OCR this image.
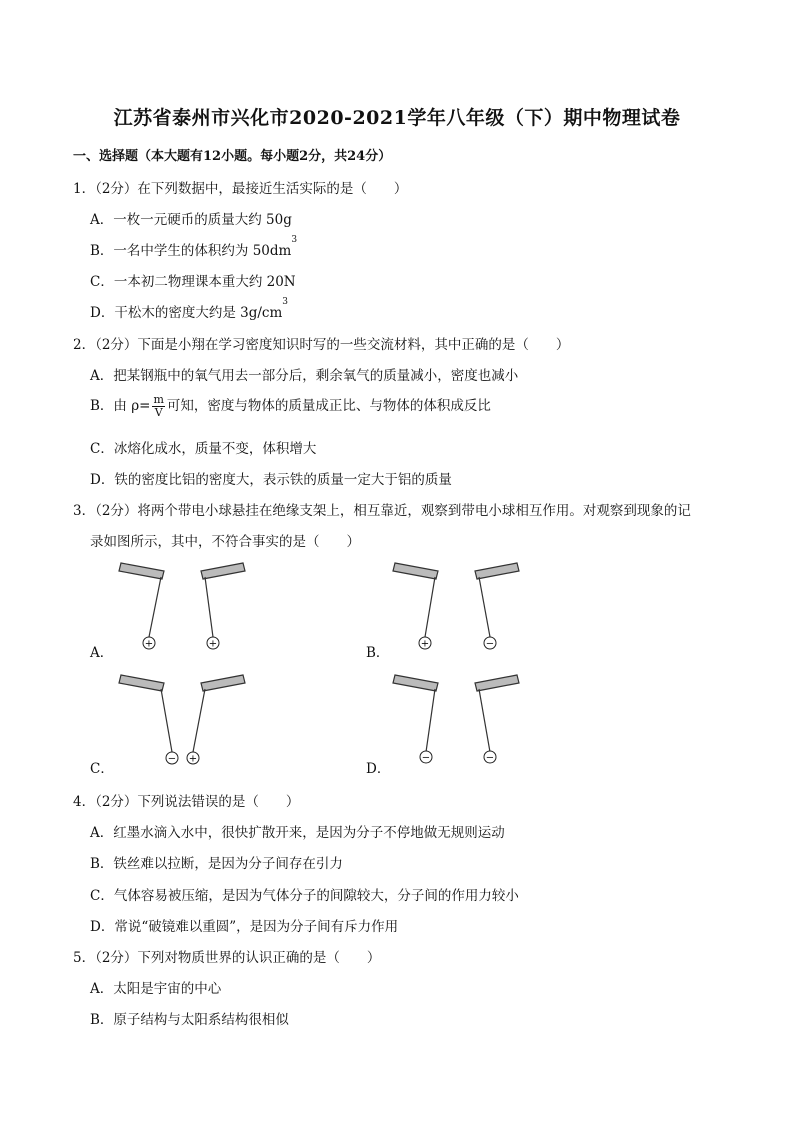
江苏省泰州市兴化市2020-2021学年八年级（下）期中物理试卷
一、选择题（本大题有12小题。每小题2分，共24分）
1．（2分）在下列数据中，最接近生活实际的是（　　）
A．一枚一元硬币的质量大约 50g
B．一名中学生的体积约为 $50dm^3$
C．一本初二物理课本重大约 20N
D．干松木的密度大约是 $3g/cm^3$
2．（2分）下面是小翔在学习密度知识时写的一些交流材料，其中正确的是（　　）
A．把某钢瓶中的氧气用去一部分后，剩余氧气的质量减小，密度也减小
B．由 $\rho= \frac{m}{V}$ 可知，密度与物体的质量成正比、与物体的体积成反比
C．冰熔化成水，质量不变，体积增大
D．铁的密度比铝的密度大，表示铁的质量一定大于铝的质量
3．（2分）将两个带电小球悬挂在绝缘支架上，相互靠近，观察到带电小球相互作用。对观察到现象的记
录如图所示，其中，不符合事实的是（　　）
A．	B．
C．	D．
+	+	+	−
− +	−	−
4．（2分）下列说法错误的是（　　）
A．红墨水滴入水中，很快扩散开来，是因为分子不停地做无规则运动
B．铁丝难以拉断，是因为分子间存在引力
C．气体容易被压缩，是因为气体分子的间隙较大，分子间的作用力较小
D．常说“破镜难以重圆”，是因为分子间有斥力作用
5．（2分）下列对物质世界的认识正确的是（　　）
A．太阳是宇宙的中心
B．原子结构与太阳系结构很相似
